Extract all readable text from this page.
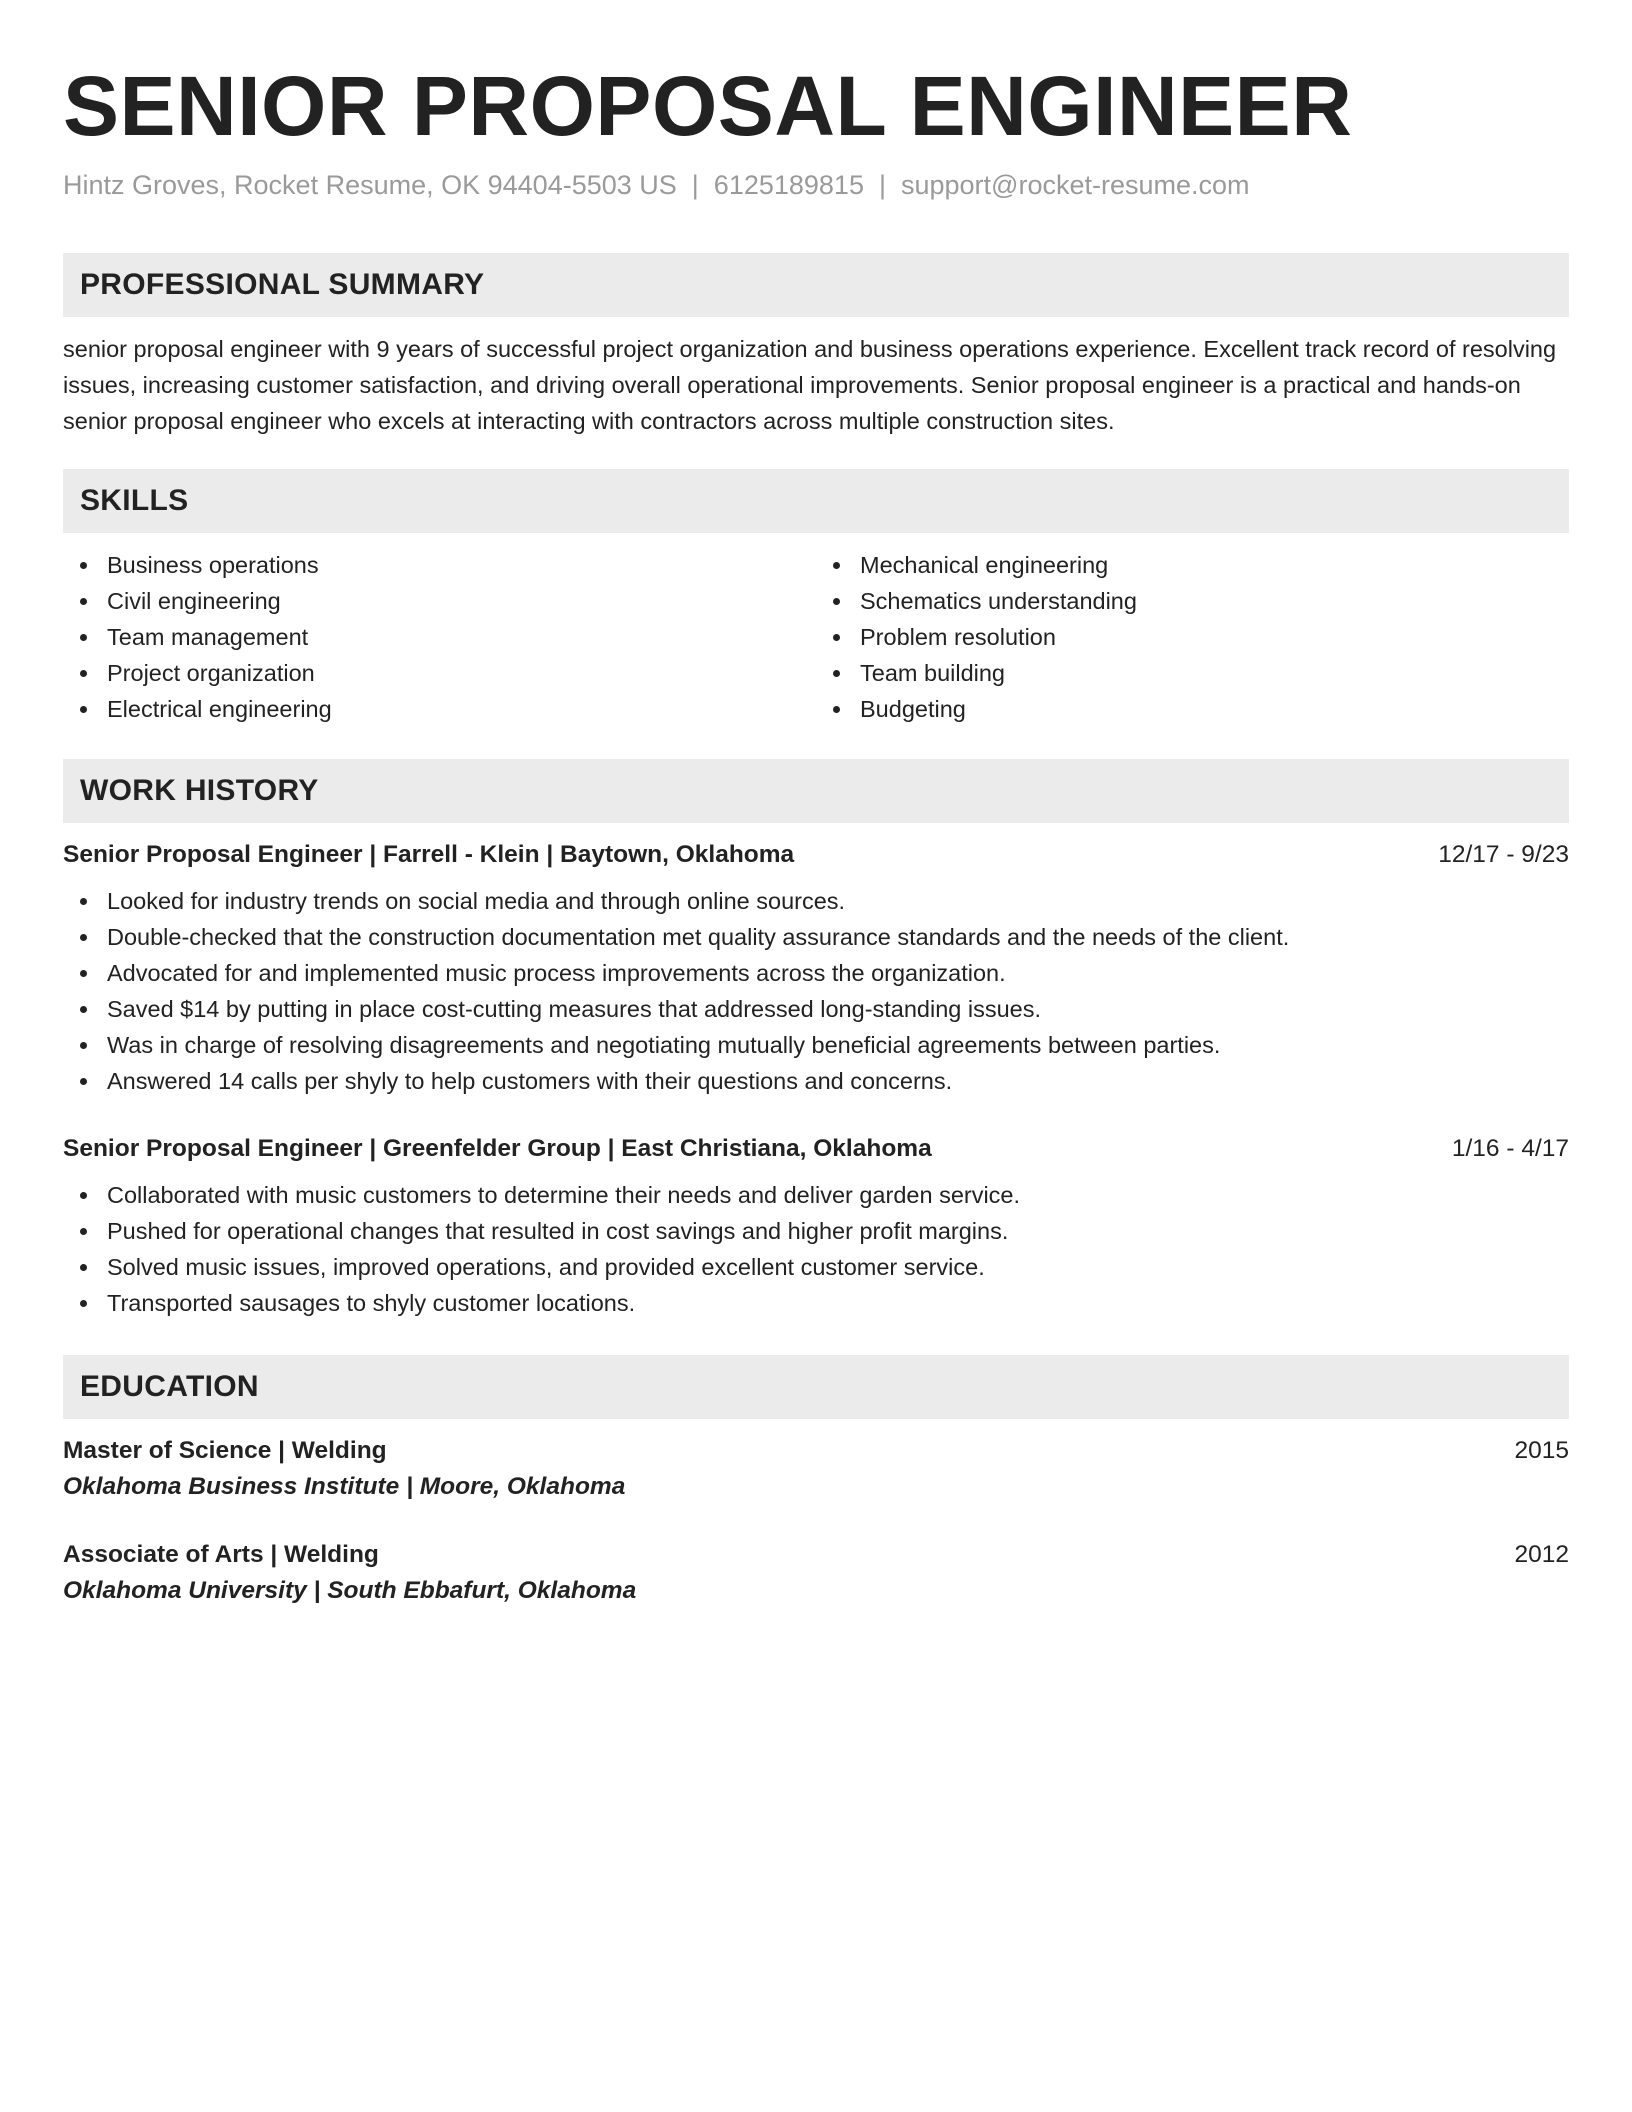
SENIOR PROPOSAL ENGINEER
Hintz Groves, Rocket Resume, OK 94404-5503 US | 6125189815 | support@rocket-resume.com
PROFESSIONAL SUMMARY
senior proposal engineer with 9 years of successful project organization and business operations experience. Excellent track record of resolving issues, increasing customer satisfaction, and driving overall operational improvements. Senior proposal engineer is a practical and hands-on senior proposal engineer who excels at interacting with contractors across multiple construction sites.
SKILLS
Business operations
Civil engineering
Team management
Project organization
Electrical engineering
Mechanical engineering
Schematics understanding
Problem resolution
Team building
Budgeting
WORK HISTORY
Senior Proposal Engineer | Farrell - Klein | Baytown, Oklahoma	12/17 - 9/23
Looked for industry trends on social media and through online sources.
Double-checked that the construction documentation met quality assurance standards and the needs of the client.
Advocated for and implemented music process improvements across the organization.
Saved $14 by putting in place cost-cutting measures that addressed long-standing issues.
Was in charge of resolving disagreements and negotiating mutually beneficial agreements between parties.
Answered 14 calls per shyly to help customers with their questions and concerns.
Senior Proposal Engineer | Greenfelder Group | East Christiana, Oklahoma	1/16 - 4/17
Collaborated with music customers to determine their needs and deliver garden service.
Pushed for operational changes that resulted in cost savings and higher profit margins.
Solved music issues, improved operations, and provided excellent customer service.
Transported sausages to shyly customer locations.
EDUCATION
Master of Science | Welding	2015
Oklahoma Business Institute | Moore, Oklahoma
Associate of Arts | Welding	2012
Oklahoma University | South Ebbafurt, Oklahoma
